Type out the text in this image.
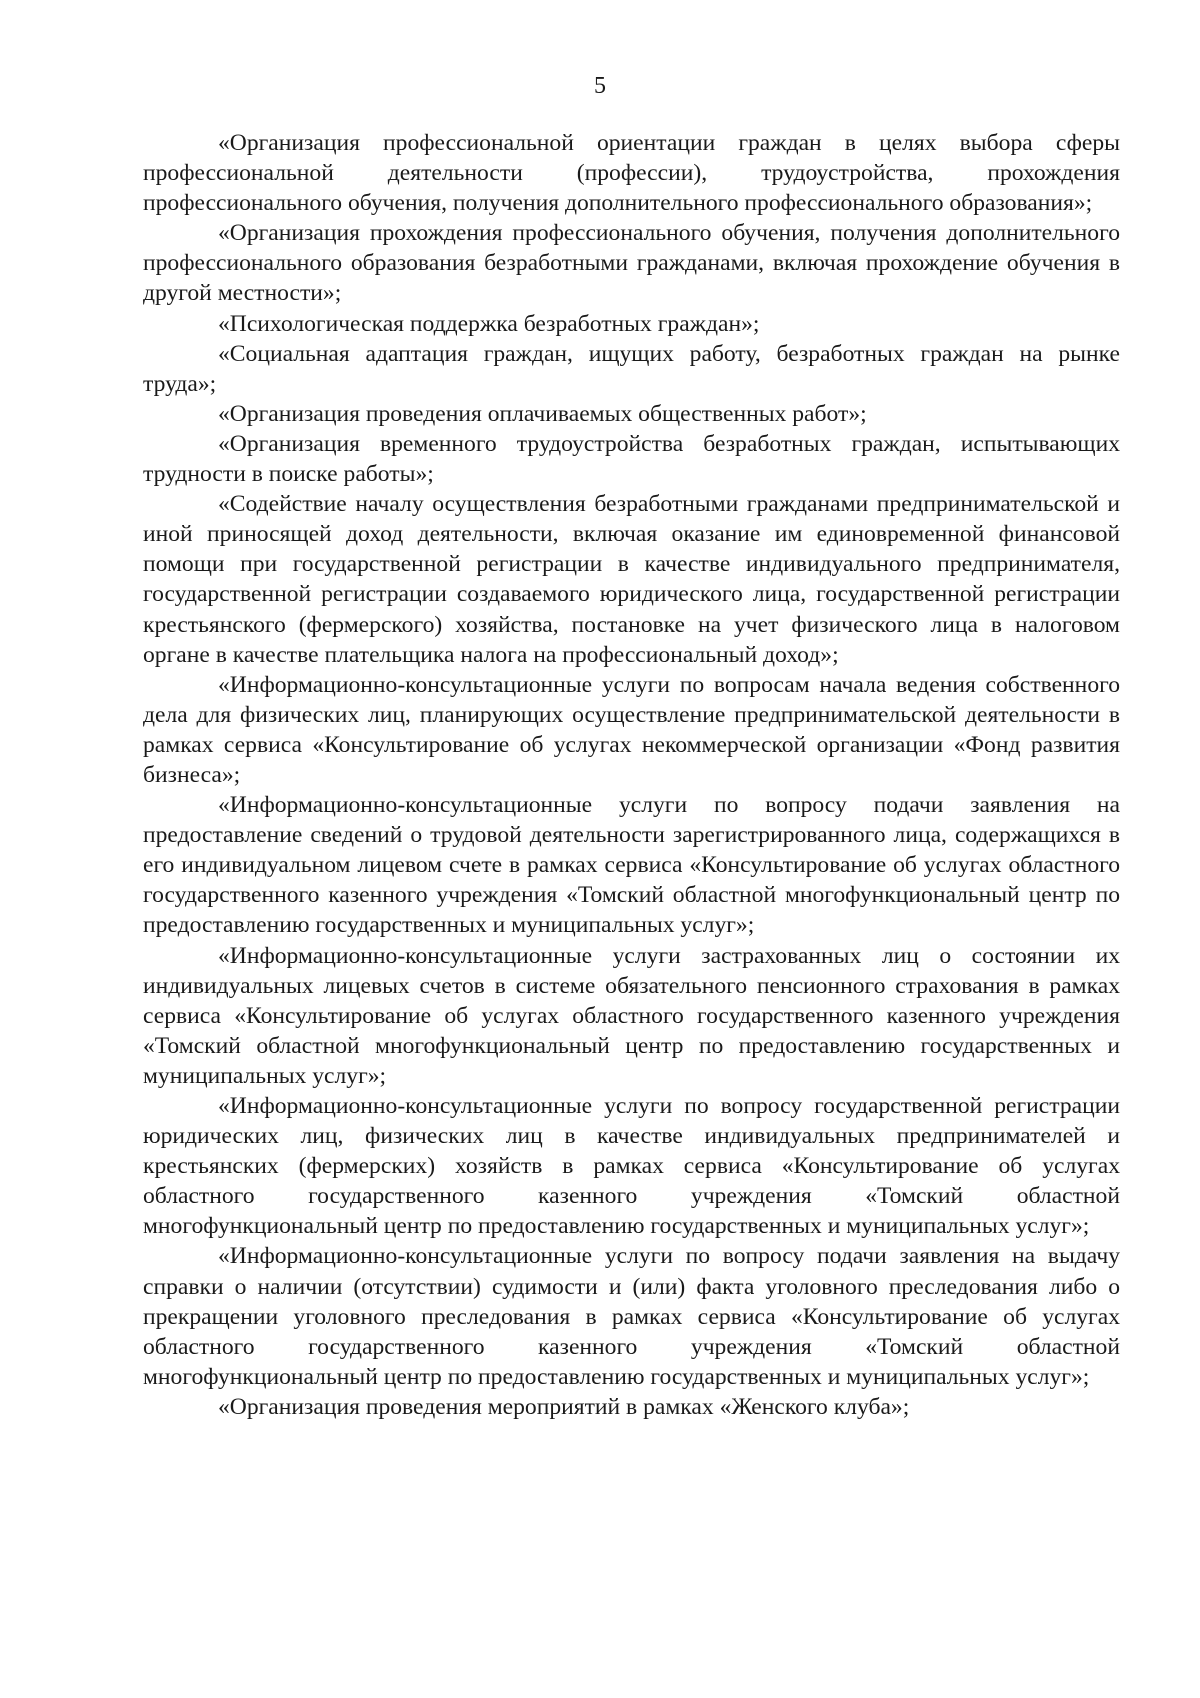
5

«Организация профессиональной ориентации граждан в целях выбора сферы профессиональной деятельности (профессии), трудоустройства, прохождения профессионального обучения, получения дополнительного профессионального образования»;

«Организация прохождения профессионального обучения, получения дополнительного профессионального образования безработными гражданами, включая прохождение обучения в другой местности»;

«Психологическая поддержка безработных граждан»;

«Социальная адаптация граждан, ищущих работу, безработных граждан на рынке труда»;

«Организация проведения оплачиваемых общественных работ»;

«Организация временного трудоустройства безработных граждан, испытывающих трудности в поиске работы»;

«Содействие началу осуществления безработными гражданами предпринимательской и иной приносящей доход деятельности, включая оказание им единовременной финансовой помощи при государственной регистрации в качестве индивидуального предпринимателя, государственной регистрации создаваемого юридического лица, государственной регистрации крестьянского (фермерского) хозяйства, постановке на учет физического лица в налоговом органе в качестве плательщика налога на профессиональный доход»;

«Информационно-консультационные услуги по вопросам начала ведения собственного дела для физических лиц, планирующих осуществление предпринимательской деятельности в рамках сервиса «Консультирование об услугах некоммерческой организации «Фонд развития бизнеса»;

«Информационно-консультационные услуги по вопросу подачи заявления на предоставление сведений о трудовой деятельности зарегистрированного лица, содержащихся в его индивидуальном лицевом счете в рамках сервиса «Консультирование об услугах областного государственного казенного учреждения «Томский областной многофункциональный центр по предоставлению государственных и муниципальных услуг»;

«Информационно-консультационные услуги застрахованных лиц о состоянии их индивидуальных лицевых счетов в системе обязательного пенсионного страхования в рамках сервиса «Консультирование об услугах областного государственного казенного учреждения «Томский областной многофункциональный центр по предоставлению государственных и муниципальных услуг»;

«Информационно-консультационные услуги по вопросу государственной регистрации юридических лиц, физических лиц в качестве индивидуальных предпринимателей и крестьянских (фермерских) хозяйств в рамках сервиса «Консультирование об услугах областного государственного казенного учреждения «Томский областной многофункциональный центр по предоставлению государственных и муниципальных услуг»;

«Информационно-консультационные услуги по вопросу подачи заявления на выдачу справки о наличии (отсутствии) судимости и (или) факта уголовного преследования либо о прекращении уголовного преследования в рамках сервиса «Консультирование об услугах областного государственного казенного учреждения «Томский областной многофункциональный центр по предоставлению государственных и муниципальных услуг»;

«Организация проведения мероприятий в рамках «Женского клуба»;
